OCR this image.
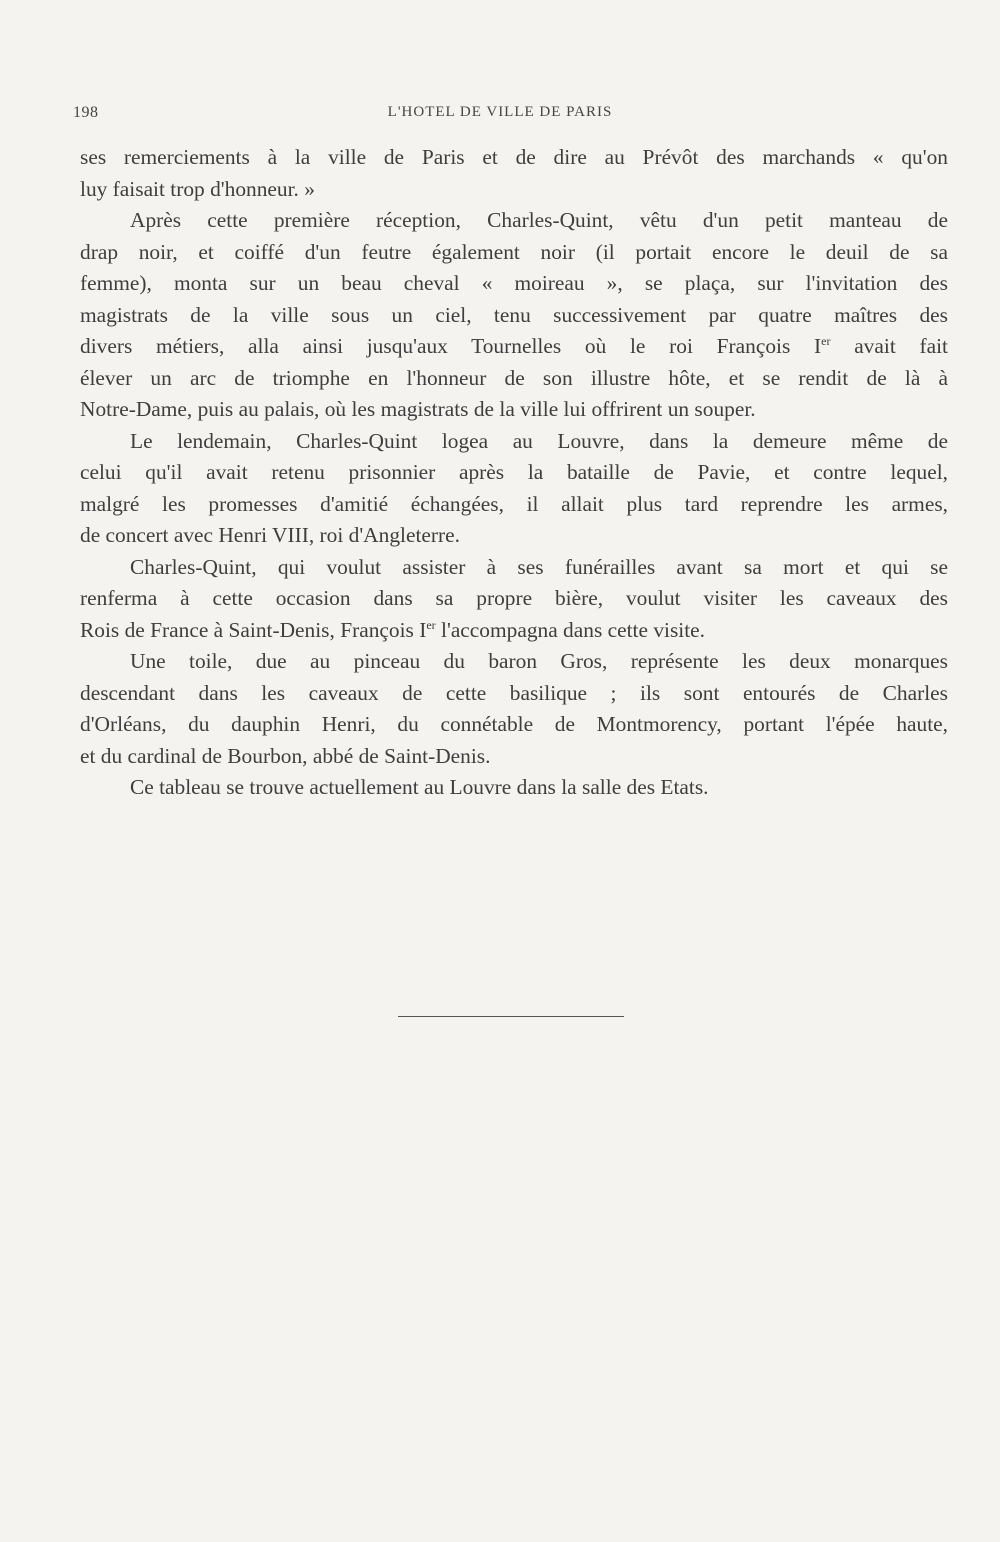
198	L'HOTEL DE VILLE DE PARIS

ses remerciements à la ville de Paris et de dire au Prévôt des marchands « qu'on

luy faisait trop d'honneur. »

Après cette première réception, Charles-Quint, vêtu d'un petit manteau de

drap noir, et coiffé d'un feutre également noir (il portait encore le deuil de sa

femme), monta sur un beau cheval « moireau », se plaça, sur l'invitation des

magistrats de la ville sous un ciel, tenu successivement par quatre maîtres des

divers métiers, alla ainsi jusqu'aux Tournelles où le roi François Ier avait fait

élever un arc de triomphe en l'honneur de son illustre hôte, et se rendit de là à

Notre-Dame, puis au palais, où les magistrats de la ville lui offrirent un souper.

Le lendemain, Charles-Quint logea au Louvre, dans la demeure même de

celui qu'il avait retenu prisonnier après la bataille de Pavie, et contre lequel,

malgré les promesses d'amitié échangées, il allait plus tard reprendre les armes,

de concert avec Henri VIII, roi d'Angleterre.

Charles-Quint, qui voulut assister à ses funérailles avant sa mort et qui se

renferma à cette occasion dans sa propre bière, voulut visiter les caveaux des

Rois de France à Saint-Denis, François Ier l'accompagna dans cette visite.

Une toile, due au pinceau du baron Gros, représente les deux monarques

descendant dans les caveaux de cette basilique ; ils sont entourés de Charles

d'Orléans, du dauphin Henri, du connétable de Montmorency, portant l'épée haute,

et du cardinal de Bourbon, abbé de Saint-Denis.

Ce tableau se trouve actuellement au Louvre dans la salle des Etats.
